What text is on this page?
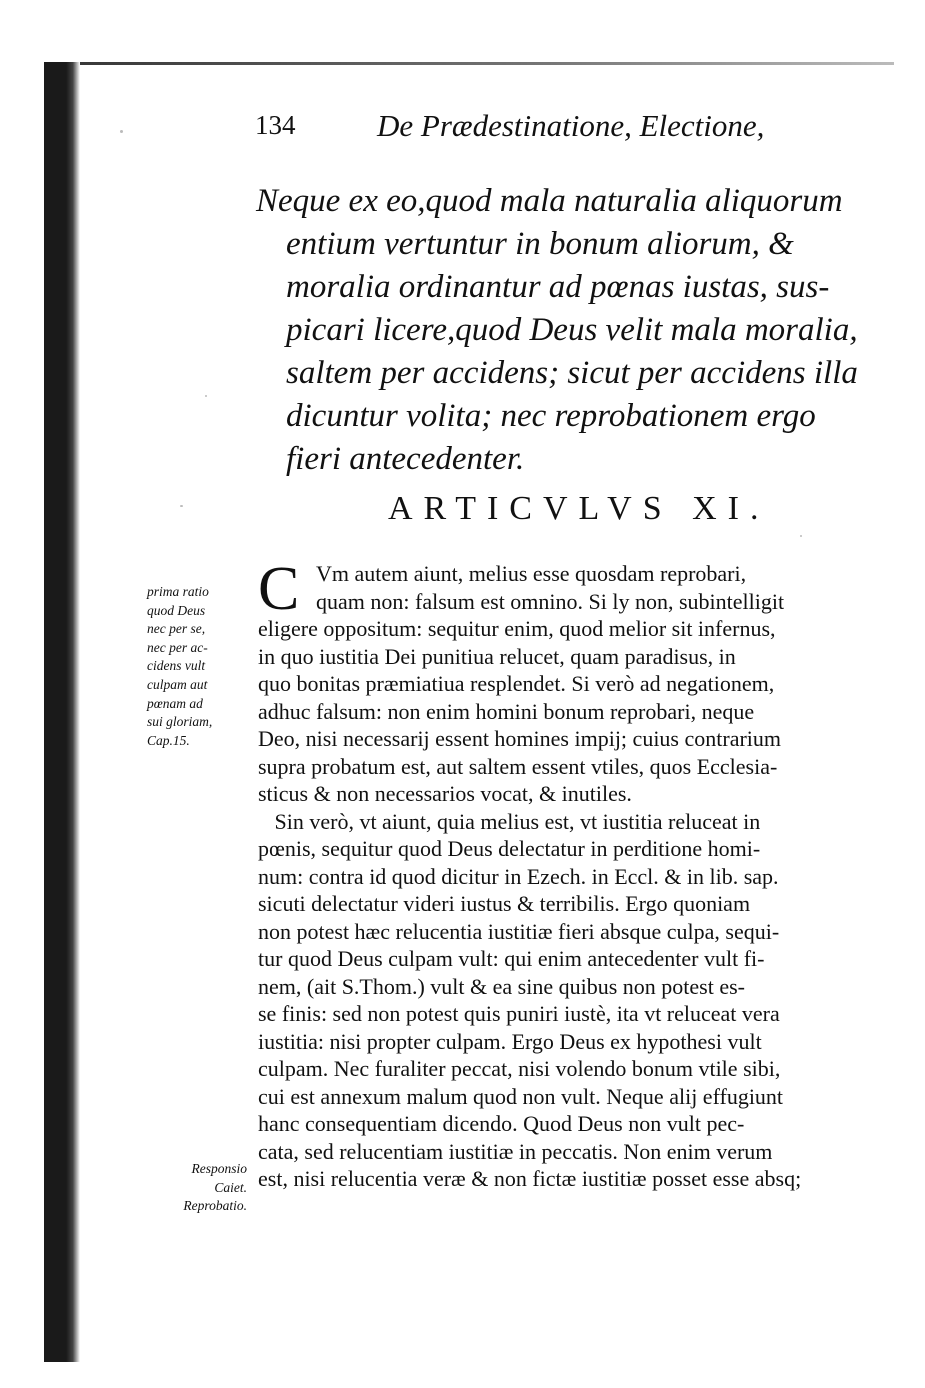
134	De Prædestinatione, Electione,
Neque ex eo,quod mala naturalia aliquorum
entium vertuntur in bonum aliorum, &
moralia ordinantur ad pœnas iustas, sus-
picari licere,quod Deus velit mala moralia,
saltem per accidens; sicut per accidens illa
dicuntur volita; nec reprobationem ergo
fieri antecedenter.
ARTICVLVS XI.
prima ratio
quod Deus
nec per se,
nec per ac-
cidens vult
culpam aut
pœnam ad
sui gloriam,
Cap.15.
C Vm autem aiunt, melius esse quosdam reprobari,
quam non: falsum est omnino. Si ly non, subintelligit
eligere oppositum: sequitur enim, quod melior sit infernus,
in quo iustitia Dei punitiua relucet, quam paradisus, in
quo bonitas præmiatiua resplendet. Si verò ad negationem,
adhuc falsum: non enim homini bonum reprobari, neque
Deo, nisi necessarij essent homines impij; cuius contrarium
supra probatum est, aut saltem essent vtiles, quos Ecclesia-
sticus & non necessarios vocat, & inutiles.
Sin verò, vt aiunt, quia melius est, vt iustitia reluceat in
pœnis, sequitur quod Deus delectatur in perditione homi-
num: contra id quod dicitur in Ezech. in Eccl. & in lib. sap.
sicuti delectatur videri iustus & terribilis. Ergo quoniam
non potest hæc relucentia iustitiæ fieri absque culpa, sequi-
tur quod Deus culpam vult: qui enim antecedenter vult fi-
nem, (ait S.Thom.) vult & ea sine quibus non potest es-
se finis: sed non potest quis puniri iustè, ita vt reluceat vera
iustitia: nisi propter culpam. Ergo Deus ex hypothesi vult
culpam. Nec furaliter peccat, nisi volendo bonum vtile sibi,
cui est annexum malum quod non vult. Neque alij effugiunt
hanc consequentiam dicendo. Quod Deus non vult pec-
cata, sed relucentiam iustitiæ in peccatis. Non enim verum
est, nisi relucentia veræ & non fictæ iustitiæ posset esse absq;
Responsio
Caiet.
Reprobatio.
